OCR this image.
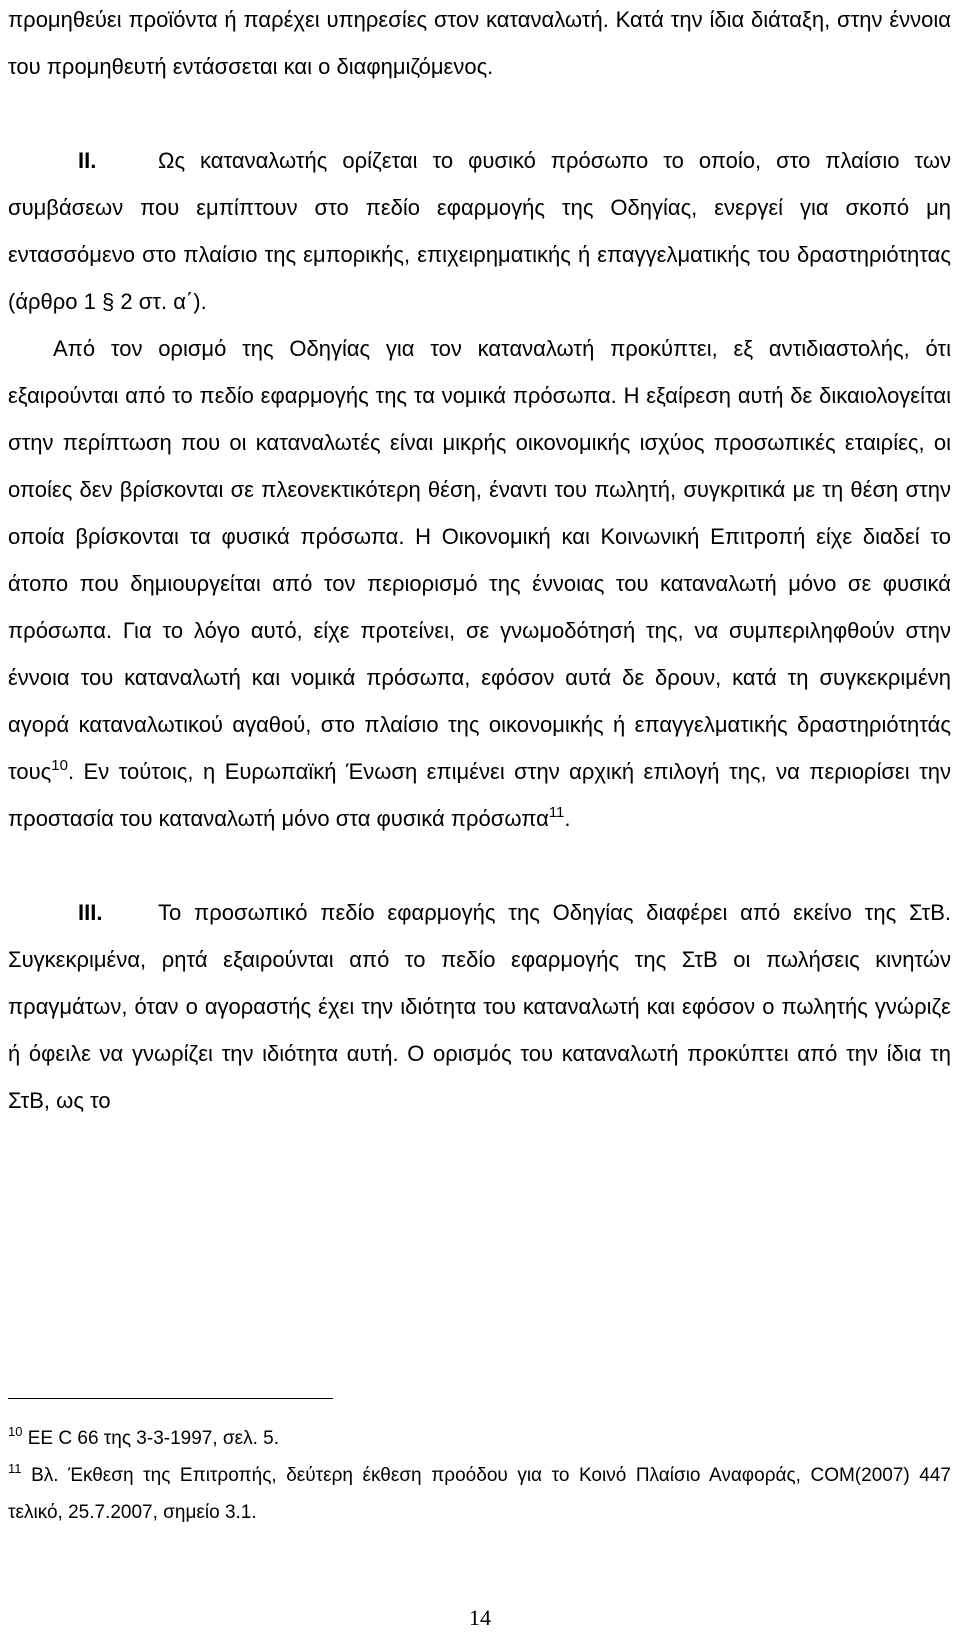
προμηθεύει προϊόντα ή παρέχει υπηρεσίες στον καταναλωτή. Κατά την ίδια διάταξη, στην έννοια του προμηθευτή εντάσσεται και ο διαφημιζόμενος.

ΙΙ.	Ως καταναλωτής ορίζεται το φυσικό πρόσωπο το οποίο, στο πλαίσιο των συμβάσεων που εμπίπτουν στο πεδίο εφαρμογής της Οδηγίας, ενεργεί για σκοπό μη εντασσόμενο στο πλαίσιο της εμπορικής, επιχειρηματικής ή επαγγελματικής του δραστηριότητας (άρθρο 1 § 2 στ. α΄).

Από τον ορισμό της Οδηγίας για τον καταναλωτή προκύπτει, εξ αντιδιαστολής, ότι εξαιρούνται από το πεδίο εφαρμογής της τα νομικά πρόσωπα. Η εξαίρεση αυτή δε δικαιολογείται στην περίπτωση που οι καταναλωτές είναι μικρής οικονομικής ισχύος προσωπικές εταιρίες, οι οποίες δεν βρίσκονται σε πλεονεκτικότερη θέση, έναντι του πωλητή, συγκριτικά με τη θέση στην οποία βρίσκονται τα φυσικά πρόσωπα. Η Οικονομική και Κοινωνική Επιτροπή είχε διαδεί το άτοπο που δημιουργείται από τον περιορισμό της έννοιας του καταναλωτή μόνο σε φυσικά πρόσωπα. Για το λόγο αυτό, είχε προτείνει, σε γνωμοδότησή της, να συμπεριληφθούν στην έννοια του καταναλωτή και νομικά πρόσωπα, εφόσον αυτά δε δρουν, κατά τη συγκεκριμένη αγορά καταναλωτικού αγαθού, στο πλαίσιο της οικονομικής ή επαγγελματικής δραστηριότητάς τους$^{10}$. Εν τούτοις, η Ευρωπαϊκή Ένωση επιμένει στην αρχική επιλογή της, να περιορίσει την προστασία του καταναλωτή μόνο στα φυσικά πρόσωπα$^{11}$.

ΙΙΙ.	Το προσωπικό πεδίο εφαρμογής της Οδηγίας διαφέρει από εκείνο της ΣτΒ. Συγκεκριμένα, ρητά εξαιρούνται από το πεδίο εφαρμογής της ΣτΒ οι πωλήσεις κινητών πραγμάτων, όταν ο αγοραστής έχει την ιδιότητα του καταναλωτή και εφόσον ο πωλητής γνώριζε ή όφειλε να γνωρίζει την ιδιότητα αυτή. Ο ορισμός του καταναλωτή προκύπτει από την ίδια τη ΣτΒ, ως το

$^{10}$ ΕΕ C 66 της 3-3-1997, σελ. 5.

$^{11}$ Βλ. Έκθεση της Επιτροπής, δεύτερη έκθεση προόδου για το Κοινό Πλαίσιο Αναφοράς, COM(2007) 447 τελικό, 25.7.2007, σημείο 3.1.

14
